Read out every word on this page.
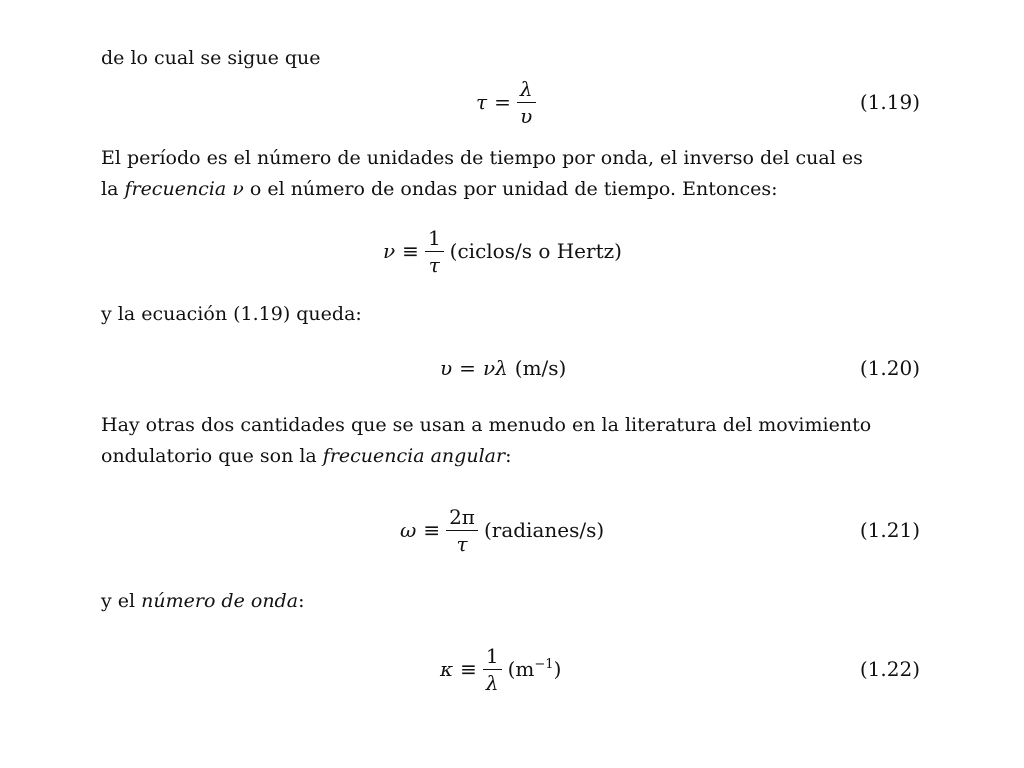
de lo cual se sigue que
$\tau = \frac{\lambda}{\upsilon}$	(1.19)
El período es el número de unidades de tiempo por onda, el inverso del cual es
la frecuencia ν o el número de ondas por unidad de tiempo. Entonces:
$\nu \equiv \frac{1}{\tau}$ (ciclos/s o Hertz)
y la ecuación (1.19) queda:
υ = νλ (m/s)	(1.20)
Hay otras dos cantidades que se usan a menudo en la literatura del movimiento
ondulatorio que son la frecuencia angular:
$\omega \equiv \frac{2\pi}{\tau}$ (radianes/s)	(1.21)
y el número de onda:
$\kappa \equiv \frac{1}{\lambda} (m^{-1})$	(1.22)
